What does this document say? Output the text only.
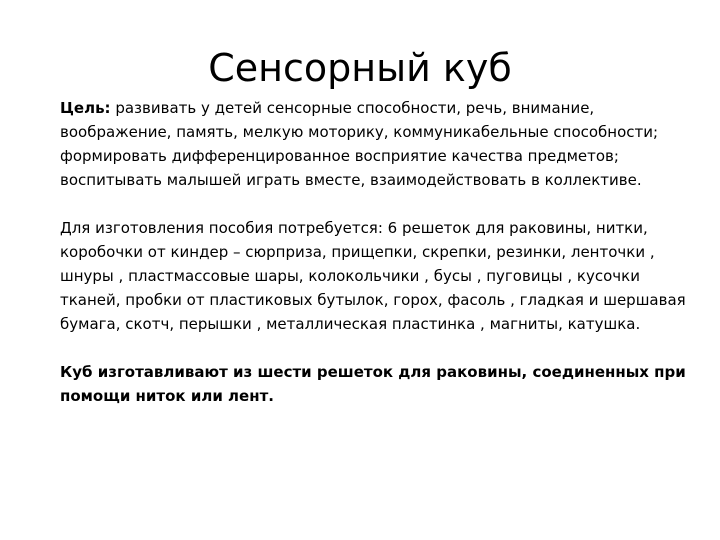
Сенсорный куб

Цель: развивать у детей сенсорные способности, речь, внимание, воображение, память, мелкую моторику, коммуникабельные способности; формировать дифференцированное восприятие качества предметов; воспитывать малышей играть вместе, взаимодействовать в коллективе.

Для изготовления пособия потребуется: 6 решеток для раковины, нитки, коробочки от киндер – сюрприза, прищепки, скрепки, резинки, ленточки , шнуры , пластмассовые шары, колокольчики , бусы , пуговицы , кусочки тканей, пробки от пластиковых бутылок, горох, фасоль , гладкая и шершавая бумага, скотч, перышки , металлическая пластинка , магниты, катушка.

Куб изготавливают из шести решеток для раковины, соединенных при помощи ниток или лент.
